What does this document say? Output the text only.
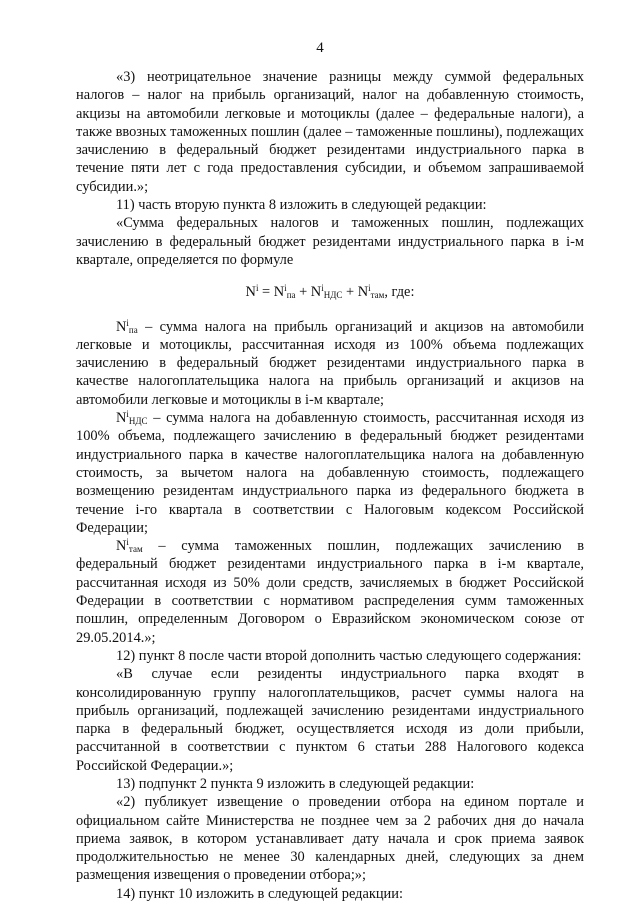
4

«3) неотрицательное значение разницы между суммой федеральных налогов – налог на прибыль организаций, налог на добавленную стоимость, акцизы на автомобили легковые и мотоциклы (далее – федеральные налоги), а также ввозных таможенных пошлин (далее – таможенные пошлины), подлежащих зачислению в федеральный бюджет резидентами индустриального парка в течение пяти лет с года предоставления субсидии, и объемом запрашиваемой субсидии.»;

11) часть вторую пункта 8 изложить в следующей редакции:

«Сумма федеральных налогов и таможенных пошлин, подлежащих зачислению в федеральный бюджет резидентами индустриального парка в i-м квартале, определяется по формуле

$N^i = N^i_{па} + N^i_{НДС} + N^i_{там}$, где:

$N^i_{па}$ – сумма налога на прибыль организаций и акцизов на автомобили легковые и мотоциклы, рассчитанная исходя из 100% объема подлежащих зачислению в федеральный бюджет резидентами индустриального парка в качестве налогоплательщика налога на прибыль организаций и акцизов на автомобили легковые и мотоциклы в i-м квартале;

$N^i_{НДС}$ – сумма налога на добавленную стоимость, рассчитанная исходя из 100% объема, подлежащего зачислению в федеральный бюджет резидентами индустриального парка в качестве налогоплательщика налога на добавленную стоимость, за вычетом налога на добавленную стоимость, подлежащего возмещению резидентам индустриального парка из федерального бюджета в течение i-го квартала в соответствии с Налоговым кодексом Российской Федерации;

$N^i_{там}$ – сумма таможенных пошлин, подлежащих зачислению в федеральный бюджет резидентами индустриального парка в i-м квартале, рассчитанная исходя из 50% доли средств, зачисляемых в бюджет Российской Федерации в соответствии с нормативом распределения сумм таможенных пошлин, определенным Договором о Евразийском экономическом союзе от 29.05.2014.»;

12) пункт 8 после части второй дополнить частью следующего содержания:

«В случае если резиденты индустриального парка входят в консолидированную группу налогоплательщиков, расчет суммы налога на прибыль организаций, подлежащей зачислению резидентами индустриального парка в федеральный бюджет, осуществляется исходя из доли прибыли, рассчитанной в соответствии с пунктом 6 статьи 288 Налогового кодекса Российской Федерации.»;

13) подпункт 2 пункта 9 изложить в следующей редакции:

«2) публикует извещение о проведении отбора на едином портале и официальном сайте Министерства не позднее чем за 2 рабочих дня до начала приема заявок, в котором устанавливает дату начала и срок приема заявок продолжительностью не менее 30 календарных дней, следующих за днем размещения извещения о проведении отбора;»;

14) пункт 10 изложить в следующей редакции:
